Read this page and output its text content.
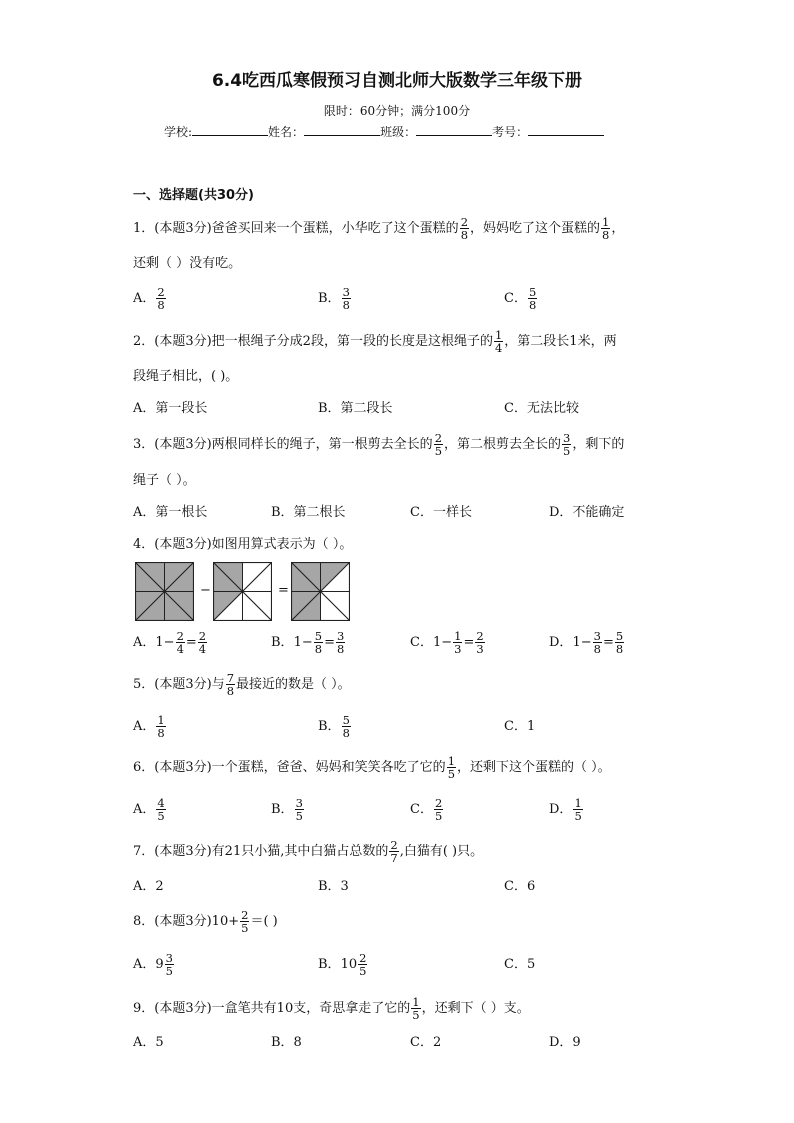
6.4吃西瓜寒假预习自测北师大版数学三年级下册
限时：60分钟；满分100分
学校:	姓名：	班级：	考号：
一、选择题(共30分)
1．(本题3分)爸爸买回来一个蛋糕，小华吃了这个蛋糕的 $\frac{2}{8}$ ，妈妈吃了这个蛋糕的 $\frac{1}{8}$ ，
还剩（ ）没有吃。
A． $\frac{2}{8}$	B． $\frac{3}{8}$	C． $\frac{5}{8}$
2．(本题3分)把一根绳子分成2段，第一段的长度是这根绳子的 $\frac{1}{4}$ ，第二段长1米，两
段绳子相比，( )。
A．第一段长	B．第二段长	C．无法比较
3．(本题3分)两根同样长的绳子，第一根剪去全长的 $\frac{2}{5}$ ，第二根剪去全长的 $\frac{3}{5}$ ，剩下的
绳子（ ）。
A．第一根长	B．第二根长	C．一样长	D．不能确定
4．(本题3分)如图用算式表示为（ ）。
−	=
A．$1- \frac{2}{4} = \frac{2}{4}$	B．$1- \frac{5}{8} = \frac{3}{8}$	C．$1- \frac{1}{3} = \frac{2}{3}$	D．$1- \frac{3}{8} = \frac{5}{8}$
5．(本题3分)与 $\frac{7}{8}$ 最接近的数是（ ）。
A． $\frac{1}{8}$	B． $\frac{5}{8}$	C．1
6．(本题3分)一个蛋糕，爸爸、妈妈和笑笑各吃了它的 $\frac{1}{5}$ ，还剩下这个蛋糕的（ ）。
A． $\frac{4}{5}$	B． $\frac{3}{5}$	C． $\frac{2}{5}$	D． $\frac{1}{5}$
7．(本题3分)有21只小猫,其中白猫占总数的 $\frac{2}{7}$ ,白猫有( )只。
A．2	B．3	C．6
8．(本题3分)$10+ \frac{2}{5}$ ＝( )
A．$9 \frac{3}{5}$	B．$10 \frac{2}{5}$	C．5
9．(本题3分)一盒笔共有10支，奇思拿走了它的 $\frac{1}{5}$ ，还剩下（ ）支。
A．5	B．8	C．2	D．9
